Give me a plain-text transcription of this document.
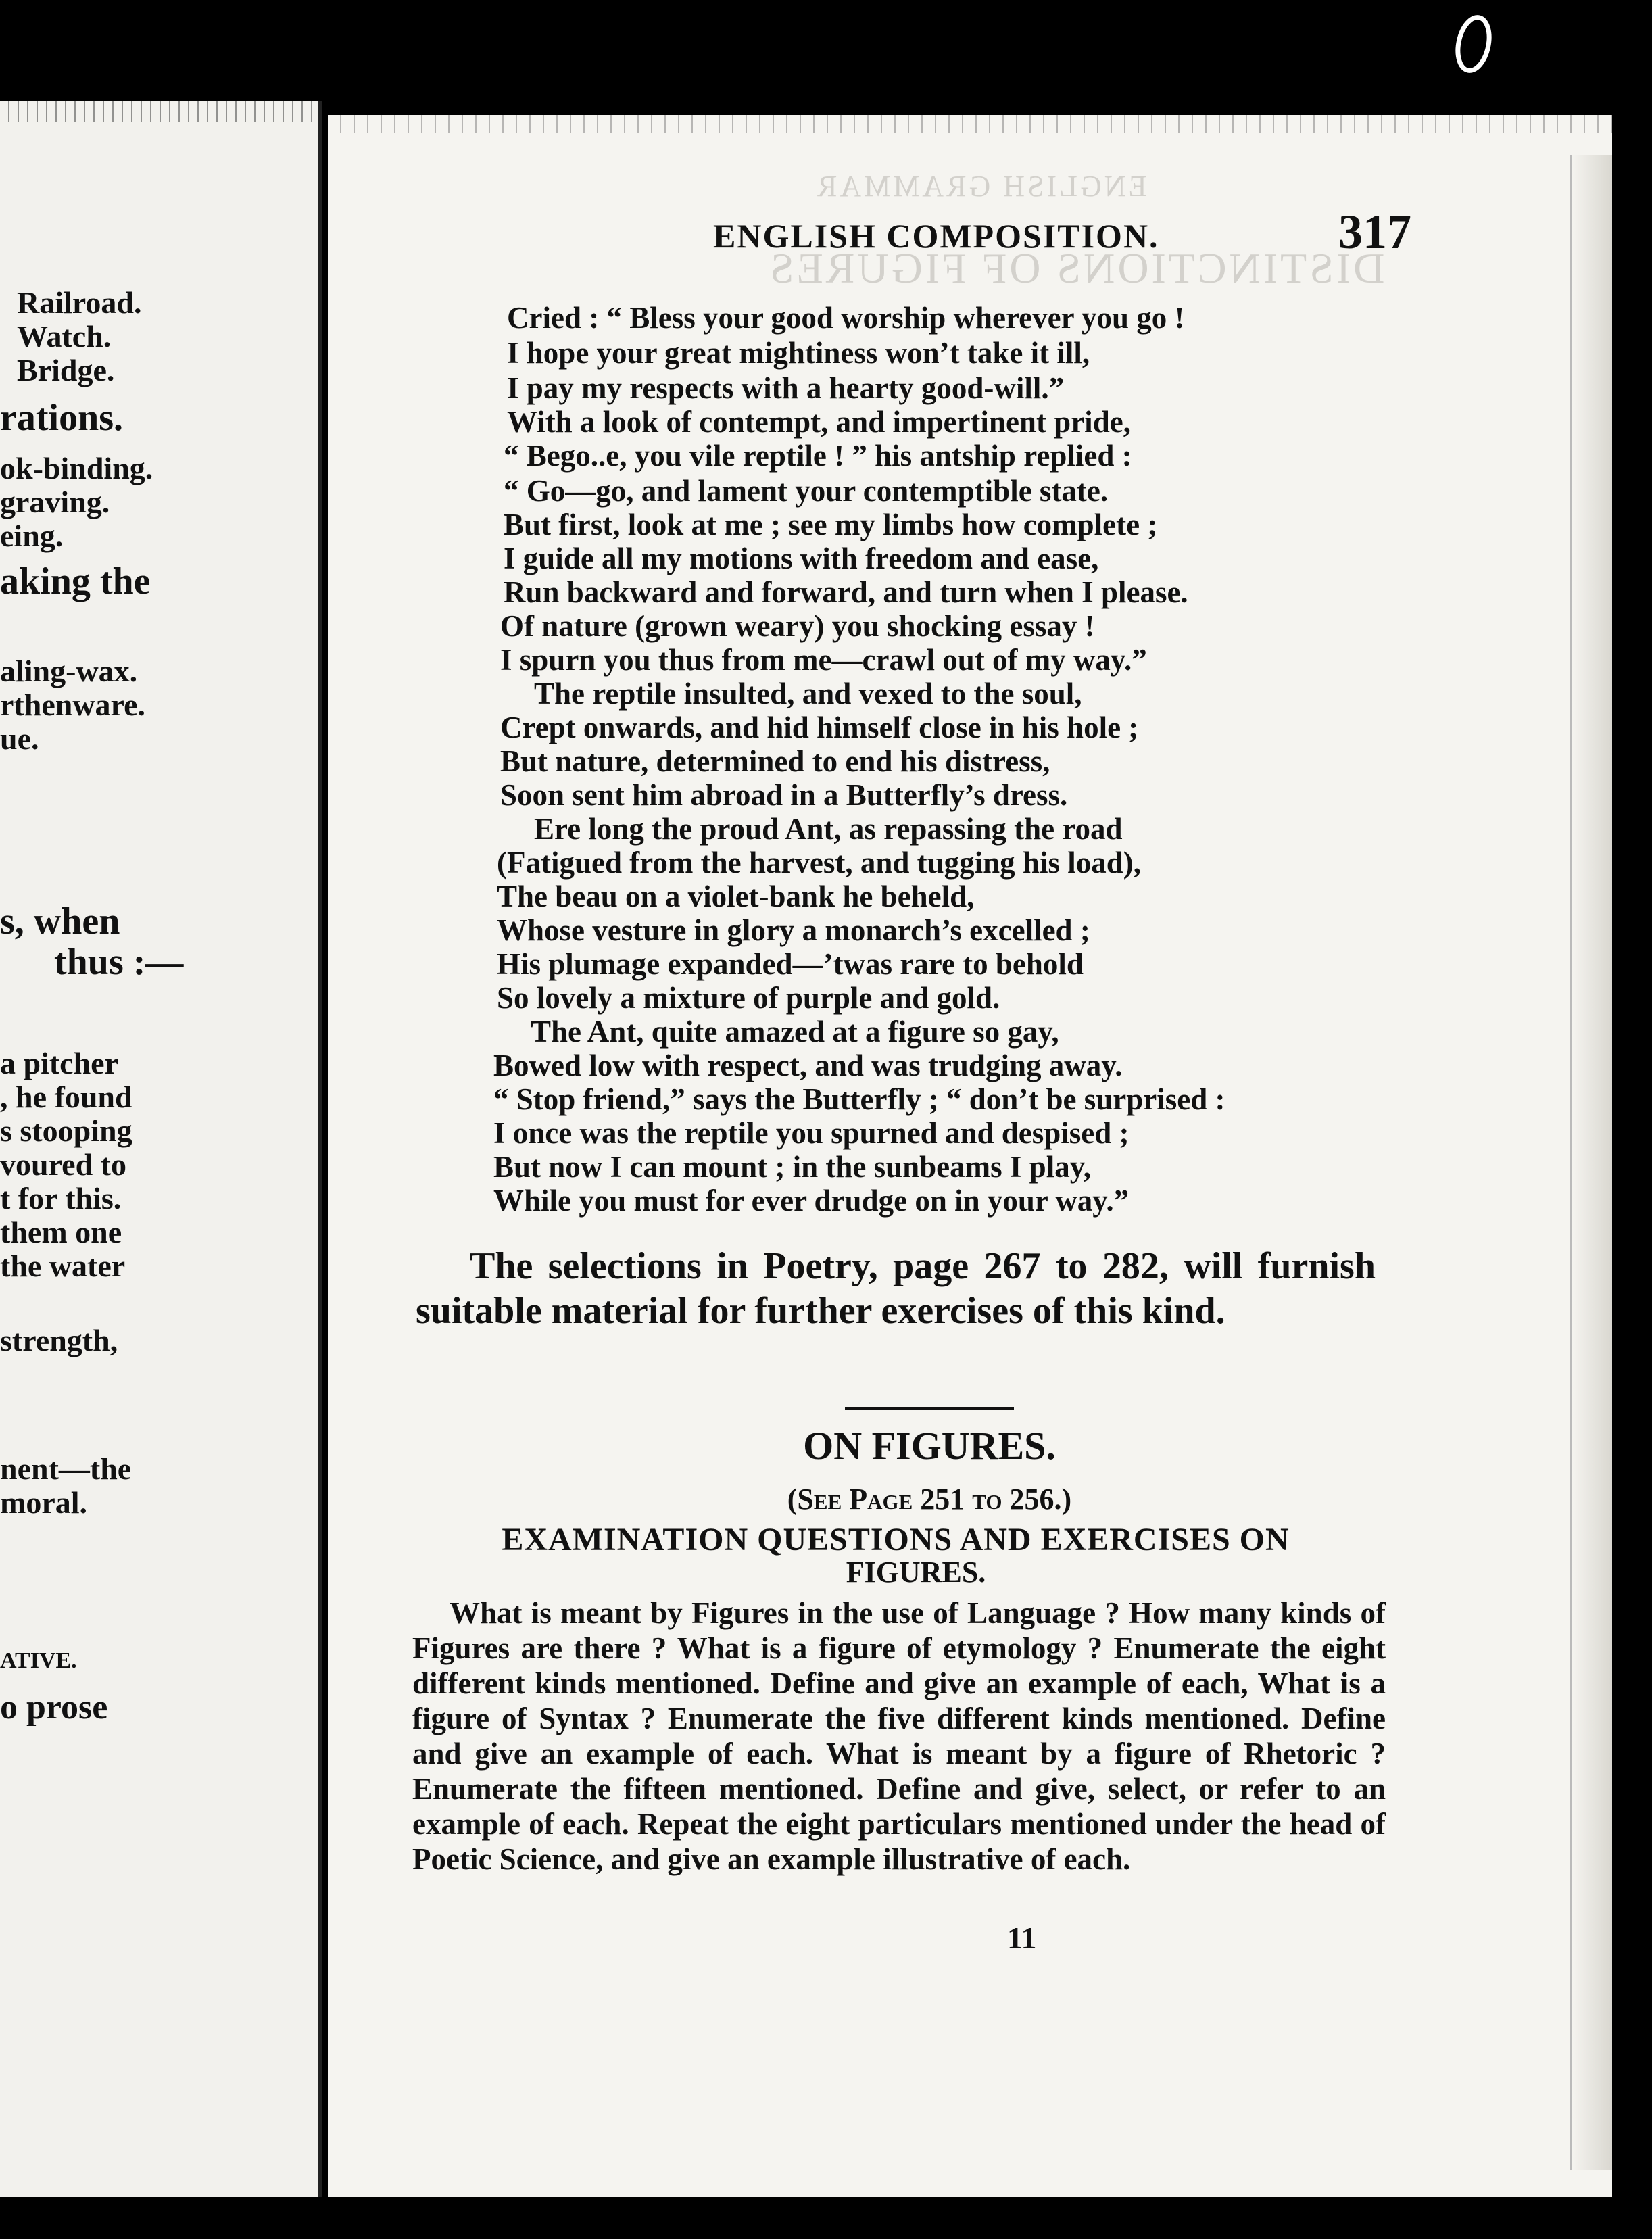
Railroad.
Watch.
Bridge.
rations.
ok-binding.
graving.
eing.
aking the
aling-wax.
rthenware.
ue.
s, when
thus :—
a pitcher
, he found
s stooping
voured to
t for this.
them one
the water
strength,
nent—the
moral.
ATIVE.
o prose
ENGLISH GRAMMAR
DISTINCTIONS OF FIGURES
ENGLISH COMPOSITION.	317
Cried : “ Bless your good worship wherever you go !
I hope your great mightiness won’t take it ill,
I pay my respects with a hearty good-will.”
With a look of contempt, and impertinent pride,
“ Bego..e, you vile reptile ! ” his antship replied :
“ Go—go, and lament your contemptible state.
But first, look at me ; see my limbs how complete ;
I guide all my motions with freedom and ease,
Run backward and forward, and turn when I please.
Of nature (grown weary) you shocking essay !
I spurn you thus from me—crawl out of my way.”
The reptile insulted, and vexed to the soul,
Crept onwards, and hid himself close in his hole ;
But nature, determined to end his distress,
Soon sent him abroad in a Butterfly’s dress.
Ere long the proud Ant, as repassing the road
(Fatigued from the harvest, and tugging his load),
The beau on a violet-bank he beheld,
Whose vesture in glory a monarch’s excelled ;
His plumage expanded—’twas rare to behold
So lovely a mixture of purple and gold.
The Ant, quite amazed at a figure so gay,
Bowed low with respect, and was trudging away.
“ Stop friend,” says the Butterfly ; “ don’t be surprised :
I once was the reptile you spurned and despised ;
But now I can mount ; in the sunbeams I play,
While you must for ever drudge on in your way.”
The selections in Poetry, page 267 to 282, will furnish suitable material for further exercises of this kind.
ON FIGURES.
(See Page 251 to 256.)
EXAMINATION QUESTIONS AND EXERCISES ON
FIGURES.
What is meant by Figures in the use of Language ? How many kinds of Figures are there ? What is a figure of etymology ? Enumerate the eight different kinds mentioned. Define and give an example of each, What is a figure of Syntax ? Enumerate the five different kinds mentioned. Define and give an example of each. What is meant by a figure of Rhetoric ? Enumerate the fifteen mentioned. Define and give, select, or refer to an example of each. Repeat the eight particulars mentioned under the head of Poetic Science, and give an example illustrative of each.
11
